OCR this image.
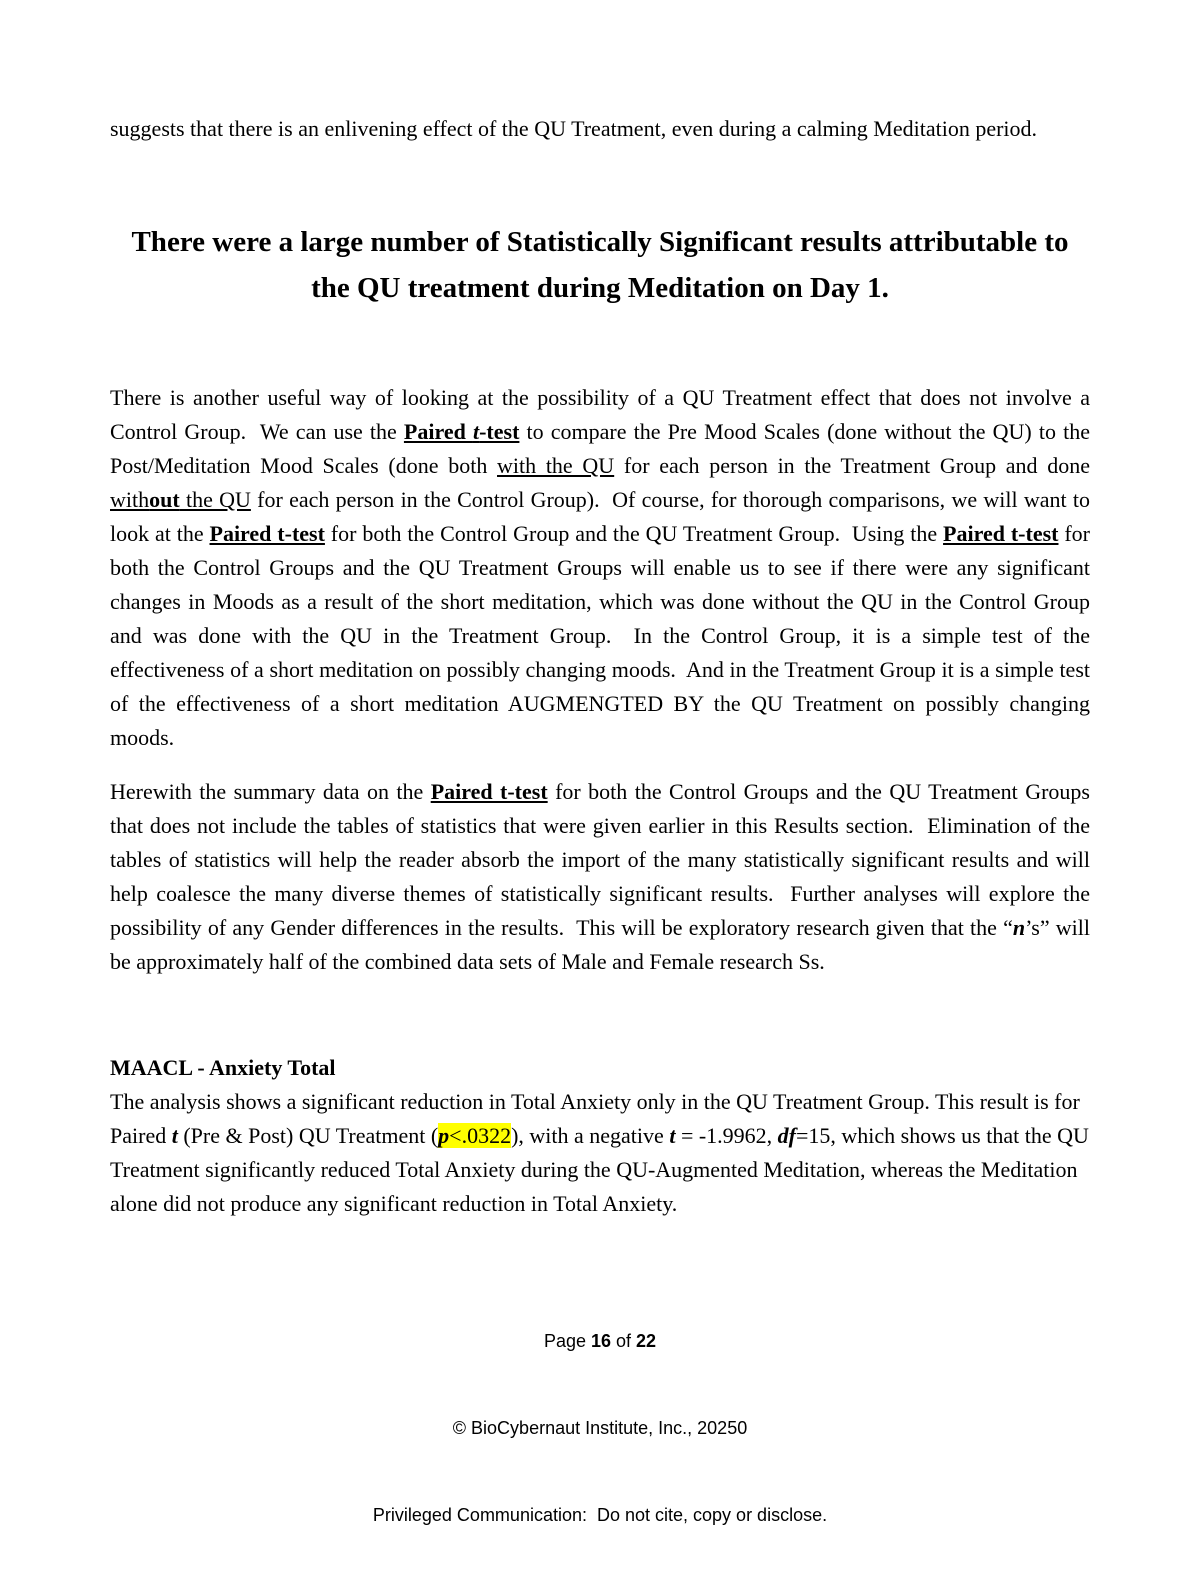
suggests that there is an enlivening effect of the QU Treatment, even during a calming Meditation period.

There were a large number of Statistically Significant results attributable to the QU treatment during Meditation on Day 1.

There is another useful way of looking at the possibility of a QU Treatment effect that does not involve a Control Group.  We can use the Paired t-test to compare the Pre Mood Scales (done without the QU) to the Post/Meditation Mood Scales (done both with the QU for each person in the Treatment Group and done without the QU for each person in the Control Group).  Of course, for thorough comparisons, we will want to look at the Paired t-test for both the Control Group and the QU Treatment Group.  Using the Paired t-test for both the Control Groups and the QU Treatment Groups will enable us to see if there were any significant changes in Moods as a result of the short meditation, which was done without the QU in the Control Group and was done with the QU in the Treatment Group.  In the Control Group, it is a simple test of the effectiveness of a short meditation on possibly changing moods.  And in the Treatment Group it is a simple test of the effectiveness of a short meditation AUGMENGTED BY the QU Treatment on possibly changing moods.

Herewith the summary data on the Paired t-test for both the Control Groups and the QU Treatment Groups that does not include the tables of statistics that were given earlier in this Results section.  Elimination of the tables of statistics will help the reader absorb the import of the many statistically significant results and will help coalesce the many diverse themes of statistically significant results.  Further analyses will explore the possibility of any Gender differences in the results.  This will be exploratory research given that the “n’s” will be approximately half of the combined data sets of Male and Female research Ss.

MAACL - Anxiety Total

The analysis shows a significant reduction in Total Anxiety only in the QU Treatment Group. This result is for Paired t (Pre & Post) QU Treatment (p<.0322), with a negative t = -1.9962, df=15, which shows us that the QU Treatment significantly reduced Total Anxiety during the QU-Augmented Meditation, whereas the Meditation alone did not produce any significant reduction in Total Anxiety.

Page 16 of 22

© BioCybernaut Institute, Inc., 20250

Privileged Communication:  Do not cite, copy or disclose.
